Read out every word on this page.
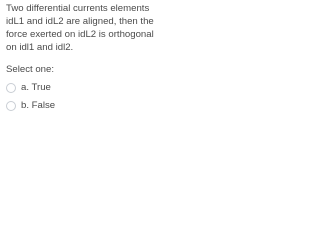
Two differential currents elements
idL1 and idL2 are aligned, then the
force exerted on idL2 is orthogonal
on idl1 and idl2.

Select one:
a. True
b. False
